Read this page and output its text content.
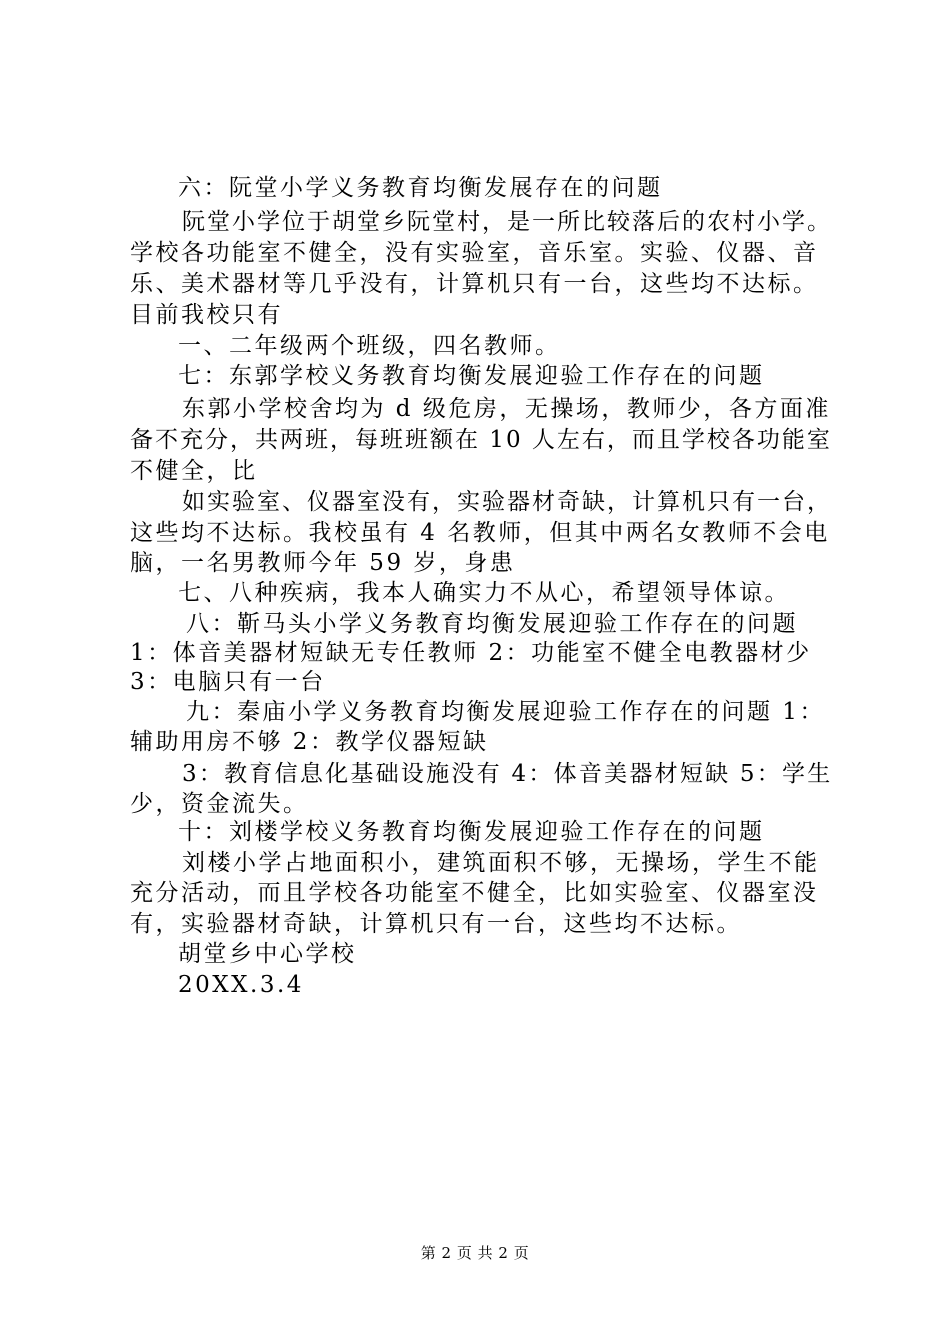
六：阮堂小学义务教育均衡发展存在的问题
阮堂小学位于胡堂乡阮堂村，是一所比较落后的农村小学。
学校各功能室不健全，没有实验室，音乐室。实验、仪器、音
乐、美术器材等几乎没有，计算机只有一台，这些均不达标。
目前我校只有
一、二年级两个班级，四名教师。
七：东郭学校义务教育均衡发展迎验工作存在的问题
东郭小学校舍均为 d 级危房，无操场，教师少，各方面准
备不充分，共两班，每班班额在 10 人左右，而且学校各功能室
不健全，比
如实验室、仪器室没有，实验器材奇缺，计算机只有一台，
这些均不达标。我校虽有 4 名教师，但其中两名女教师不会电
脑，一名男教师今年 59 岁，身患
七、八种疾病，我本人确实力不从心，希望领导体谅。
八：靳马头小学义务教育均衡发展迎验工作存在的问题
1：体音美器材短缺无专任教师 2：功能室不健全电教器材少
3：电脑只有一台
九：秦庙小学义务教育均衡发展迎验工作存在的问题 1：
辅助用房不够 2：教学仪器短缺
3：教育信息化基础设施没有 4：体音美器材短缺 5：学生
少，资金流失。
十：刘楼学校义务教育均衡发展迎验工作存在的问题
刘楼小学占地面积小，建筑面积不够，无操场，学生不能
充分活动，而且学校各功能室不健全，比如实验室、仪器室没
有，实验器材奇缺，计算机只有一台，这些均不达标。
胡堂乡中心学校
20XX.3.4
第 2 页 共 2 页
